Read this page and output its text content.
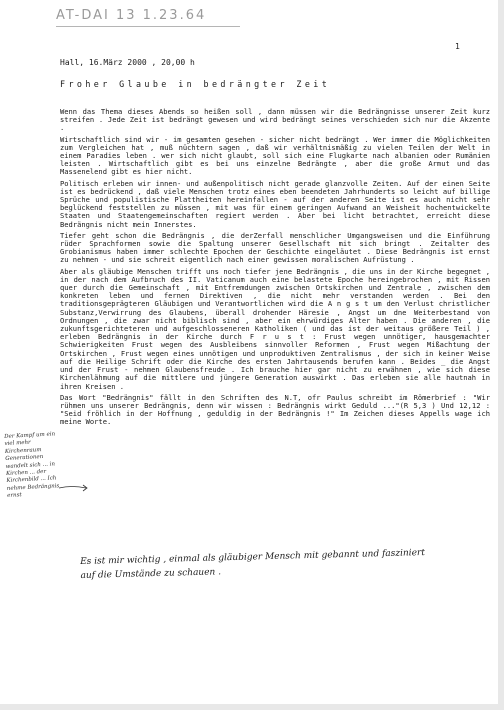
AT-DAI 13 1.23.64
1
Hall, 16.März 2000 , 20,00 h
Froher Glaube in bedrängter Zeit

Wenn das Thema dieses Abends so heißen soll , dann müssen wir die Bedrängnisse unserer Zeit kurz streifen . Jede Zeit ist bedrängt gewesen und wird bedrängt seines verschieden sich nur die Akzente .

Wirtschaftlich sind wir - im gesamten gesehen - sicher nicht bedrängt . Wer immer die Möglichkeiten zum Vergleichen hat , muß nüchtern sagen , daß wir verhältnismäßig zu vielen Teilen der Welt in einem Paradies leben . wer sich nicht glaubt, soll sich eine Flugkarte nach albanien oder Rumänien leisten . Wirtschaftlich gibt es bei uns einzelne Bedrängte , aber die große Armut und das Massenelend gibt es hier nicht.

Politisch erleben wir innen- und außenpolitisch nicht gerade glanzvolle Zeiten. Auf der einen Seite ist es bedrückend , daß viele Menschen trotz eines eben beendeten Jahrhunderts so leicht auf billige Sprüche und populistische Plattheiten hereinfallen - auf der anderen Seite ist es auch nicht sehr beglückend feststellen zu müssen , mit was für einem geringen Aufwand an Weisheit hochentwickelte Staaten und Staatengemeinschaften regiert werden . Aber bei licht betrachtet, erreicht diese Bedrängnis nicht mein Innerstes.

Tiefer geht schon die Bedrängnis , die derZerfall menschlicher Umgangsweisen und die Einführung rüder Sprachformen sowie die Spaltung unserer Gesellschaft mit sich bringt . Zeitalter des Grobianismus haben immer schlechte Epochen der Geschichte eingeläutet . Diese Bedrängnis ist ernst zu nehmen - und sie schreit eigentlich nach einer gewissen moralischen Aufrüstung .

Aber als gläubige Menschen trifft uns noch tiefer jene Bedrängnis , die uns in der Kirche begegnet , in der nach dem Aufbruch des II. Vaticanum auch eine belastete Epoche hereingebrochen , mit Rissen quer durch die Gemeinschaft , mit Entfremdungen zwischen Ortskirchen und Zentrale , zwischen dem konkreten leben und fernen Direktiven , die nicht mehr verstanden werden . Bei den traditionsgeprägteren Gläubigen und Verantwortlichen wird die A n g s t um den Verlust christlicher Substanz,Verwirrung des Glaubens, überall drohender Häresie , Angst um dne Weiterbestand von Ordnungen , die zwar nicht biblisch sind , aber ein ehrwürdiges Alter haben . Die anderen , die zukunftsgerichteteren und aufgeschlosseneren Katholiken ( und das ist der weitaus größere Teil ) , erleben Bedrängnis in der Kirche durch F r u s t : Frust wegen unnötiger, hausgemachter Schwierigkeiten Frust wegen des Ausbleibens sinnvoller Reformen , Frust wegen Mißachtung der Ortskirchen , Frust wegen eines unnötigen und unproduktiven Zentralismus , der sich in keiner Weise auf die Heilige Schrift oder die Kirche des ersten Jahrtausends berufen kann . Beides _ die Angst und der Frust - nehmen Glaubensfreude . Ich brauche hier gar nicht zu erwähnen , wie sich diese Kirchenlähmung auf die mittlere und jüngere Generation auswirkt . Das erleben sie alle hautnah in ihren Kreisen .

Das Wort "Bedrängnis" fällt in den Schriften des N.T, ofr Paulus schreibt im Römerbrief : "Wir rühmen uns unserer Bedrängnis, denn wir wissen : Bedrängnis wirkt Geduld ..."(R 5,3 ) Und 12,12 : "Seid fröhlich in der Hoffnung , geduldig in der Bedrängnis !" Im Zeichen dieses Appells wage ich meine Worte.

Der Kampf um ein viel mehr Kirchenraum Generationen wandelt sich ... in Kirchen ... der Kirchenbild ... Ich nehme Bedrängnis ernst
Es ist mir wichtig , einmal als gläubiger Mensch mit gebannt und fasziniert auf die Umstände zu schauen .
